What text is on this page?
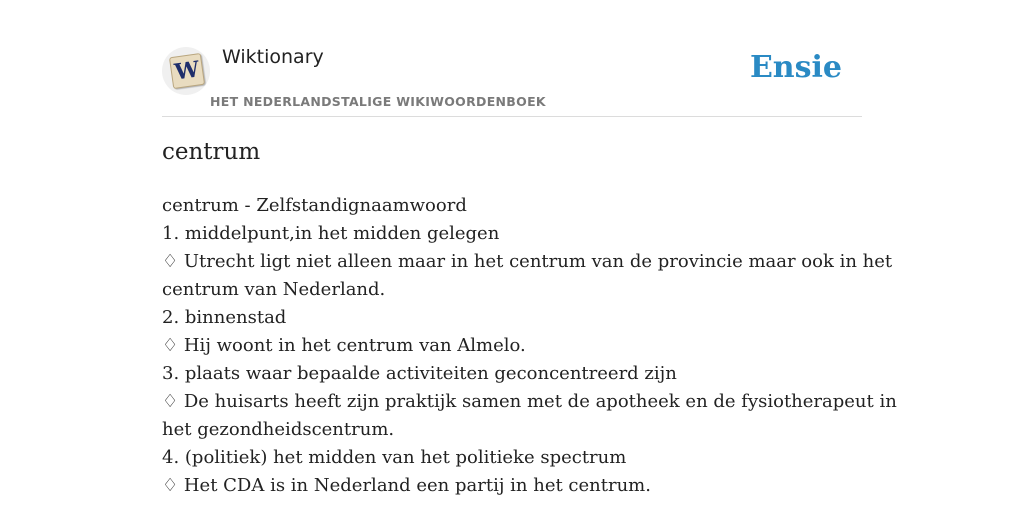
W Wiktionary
HET NEDERLANDSTALIGE WIKIWOORDENBOEK
Ensie
centrum
centrum - Zelfstandignaamwoord
1. middelpunt,in het midden gelegen
♢ Utrecht ligt niet alleen maar in het centrum van de provincie maar ook in het
centrum van Nederland.
2. binnenstad
♢ Hij woont in het centrum van Almelo.
3. plaats waar bepaalde activiteiten geconcentreerd zijn
♢ De huisarts heeft zijn praktijk samen met de apotheek en de fysiotherapeut in
het gezondheidscentrum.
4. (politiek) het midden van het politieke spectrum
♢ Het CDA is in Nederland een partij in het centrum.
